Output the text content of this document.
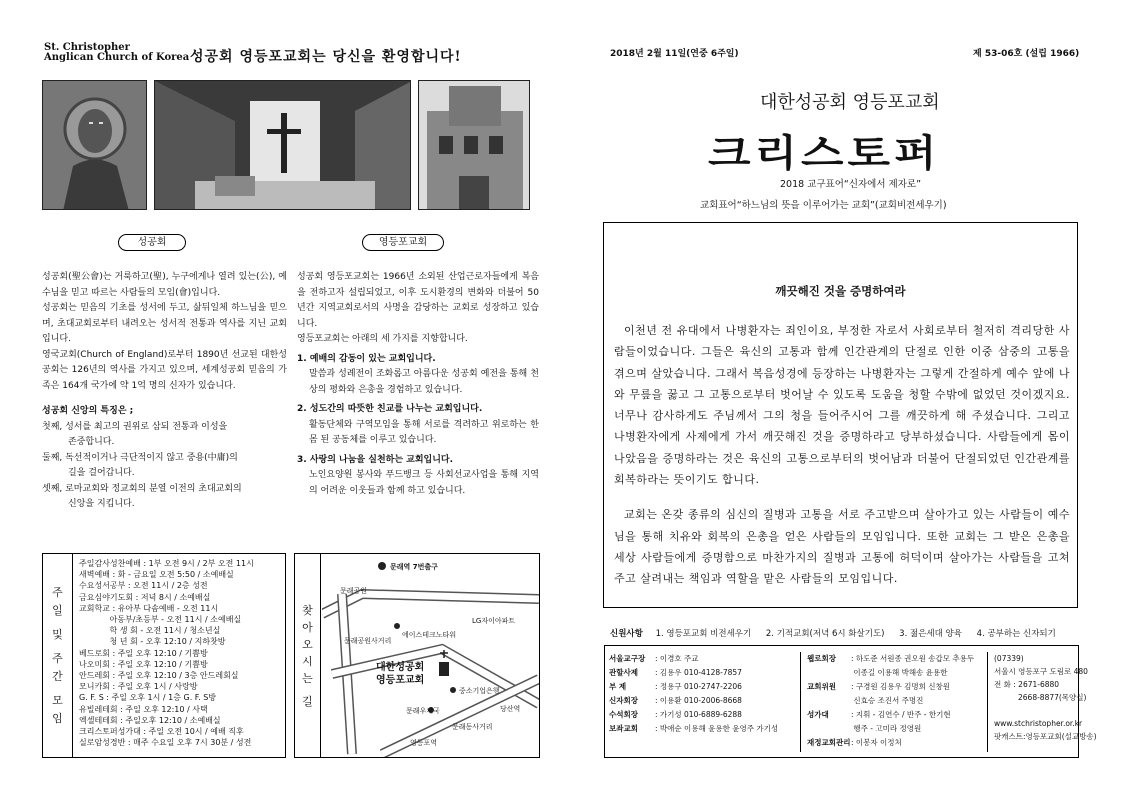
St. Christopher
Anglican Church of Korea 성공회 영등포교회는 당신을 환영합니다!
성공회	영등포교회
성공회(聖公會)는 거룩하고(聖), 누구에게나 열려 있는(公), 예수님을 믿고 따르는 사람들의 모임(會)입니다.
성공회는 믿음의 기초를 성서에 두고, 삶뒤일체 하느님을 믿으며, 초대교회로부터 내려오는 성서적 전통과 역사를 지닌 교회입니다.
영국교회(Church of England)로부터 1890년 선교된 대한성공회는 126년의 역사를 가지고 있으며, 세계성공회 믿음의 가족은 164개 국가에 약 1억 명의 신자가 있습니다.
성공회 신앙의 특징은 ;
첫째, 성서를 최고의 권위로 삼되 전통과 이성을
존중합니다.
둘째, 독선적이거나 극단적이지 않고 중용(中庸)의
길을 걸어갑니다.
셋째, 로마교회와 정교회의 분열 이전의 초대교회의
신앙을 지킵니다.
성공회 영등포교회는 1966년 소외된 산업근로자들에게 복음을 전하고자 설립되었고, 이후 도시환경의 변화와 더불어 50년간 지역교회로서의 사명을 감당하는 교회로 성장하고 있습니다.
영등포교회는 아래의 세 가지를 지향합니다.
1. 예배의 감동이 있는 교회입니다.
말씀과 성례전이 조화롭고 아름다운 성공회 예전을 통해 천상의 평화와 은총을 경험하고 있습니다.
2. 성도간의 따뜻한 친교를 나누는 교회입니다.
활동단체와 구역모임을 통해 서로를 격려하고 위로하는 한 몸 된 공동체를 이루고 있습니다.
3. 사랑의 나눔을 실천하는 교회입니다.
노인요양원 봉사와 푸드뱅크 등 사회선교사업을 통해 지역의 어려운 이웃들과 함께 하고 있습니다.
주
일
및
주
간
모
임
주일감사성찬예배 : 1부 오전 9시 / 2부 오전 11시
새벽예배 : 화 - 금요일 오전 5:50 / 소예배실
수요성서공부 : 오전 11시 / 2층 성전
금요심야기도회 : 저녁 8시 / 소예배실
교회학교 : 유아부 다솜예배 - 오전 11시
아동부/초등부 - 오전 11시 / 소예배실
학 생 회 - 오전 11시 / 청소년실
청 년 회 - 오후 12:10 / 지하찻방
베드로회 : 주일 오후 12:10 / 기쁨방
나오미회 : 주일 오후 12:10 / 기쁨방
안드레회 : 주일 오후 12:10 / 3층 안드레회실
모니카회 : 주일 오후 1시 / 사랑방
G. F. S : 주일 오후 1시 / 1층 G. F. S방
유빌레테회 : 주일 오후 12:10 / 사택
엑셀테테회 : 주일오후 12:10 / 소예배실
크리스토퍼성가대 : 주일 오전 10시 / 예배 직후
실로암성경반 : 매주 수요일 오후 7시 30분 / 성전
찾
아
오
시
는
길
문래역 7번출구
문래공원
LG자이아파트
문래공원사거리
에이스테크노타워
대한성공회
영등포교회
중소기업은행
문래우체국
문래동사거리
영등포역
당산역
2018년 2월 11일(연중 6주일)	제 53-06호 (설립 1966)
대한성공회 영등포교회
크리스토퍼
2018 교구표어“신자에서 제자로”
교회표어“하느님의 뜻을 이루어가는 교회”(교회비전세우기)
깨끗해진 것을 증명하여라

이천년 전 유대에서 나병환자는 죄인이요, 부정한 자로서 사회로부터 철저히 격리당한 사람들이었습니다. 그들은 육신의 고통과 함께 인간관계의 단절로 인한 이중 삼중의 고통을 겪으며 살았습니다. 그래서 복음성경에 등장하는 나병환자는 그렇게 간절하게 예수 앞에 나와 무릎을 꿇고 그 고통으로부터 벗어날 수 있도록 도움을 청할 수밖에 없었던 것이겠지요. 너무나 감사하게도 주님께서 그의 청을 들어주시어 그를 깨끗하게 해 주셨습니다. 그리고 나병환자에게 사제에게 가서 깨끗해진 것을 증명하라고 당부하셨습니다. 사람들에게 몸이 나았음을 증명하라는 것은 육신의 고통으로부터의 벗어남과 더불어 단절되었던 인간관계를 회복하라는 뜻이기도 합니다.

교회는 온갖 종류의 심신의 질병과 고통을 서로 주고받으며 살아가고 있는 사람들이 예수님을 통해 치유와 회복의 은총을 얻은 사람들의 모임입니다. 또한 교회는 그 받은 은총을 세상 사람들에게 증명함으로 마찬가지의 질병과 고통에 허덕이며 살아가는 사람들을 고쳐주고 살려내는 책임과 역할을 맡은 사람들의 모임입니다.

신원사항 1. 영등포교회 비전세우기 2. 기적교회(저녁 6시 화살기도) 3. 젊은세대 양육 4. 공부하는 신자되기
서울교구장 : 이경호 주교
관할사제 : 김용우 010-4128-7857
부 제	: 정용구 010-2747-2206
신자회장 : 이용환 010-2006-8668
수석회장 : 가기성 010-6889-6288
보좌교회 : 박애순 이용해 윤용한 윤영주 가기성
웹로회장 : 하도준 서원종 권오원 송갑모 추용두
이종길 이용해 박해송 윤용한
교회위원 : 구경원 김용우 김명희 신창원
신효승 조진서 주명진
성가대	: 지휘 - 김연수 / 반주 - 한기현
행주 - 고미라 정영원
재정교회관리: 이봉자 이정처
(07339)
서울시 영등포구 도림로 480
전 화 : 2671-6880
2668-8877(목양실)

www.stchristopher.or.kr
팟캐스트:영등포교회(설교방송)
